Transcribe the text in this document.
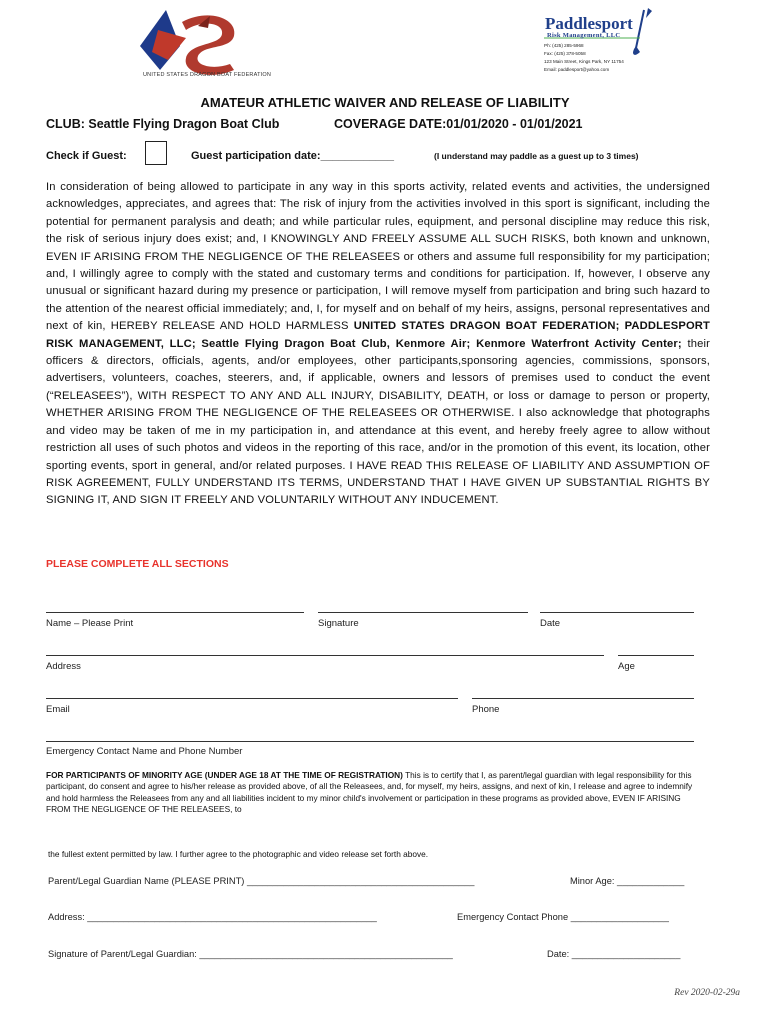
UNITED STATES DRAGON BOAT FEDERATION
Paddlesport
Risk Management, LLC
Ph: (425) 285-5968
Fax: (425) 378-5058
123 Main Street, Kings Park, NY 11754
Email: paddlesport@yahoo.com
AMATEUR ATHLETIC WAIVER AND RELEASE OF LIABILITY
CLUB: Seattle Flying Dragon Boat Club	COVERAGE DATE:01/01/2020 - 01/01/2021
Check if Guest:	Guest participation date:____________	(I understand may paddle as a guest up to 3 times)
In consideration of being allowed to participate in any way in this sports activity, related events and activities, the undersigned acknowledges, appreciates, and agrees that: The risk of injury from the activities involved in this sport is significant, including the potential for permanent paralysis and death; and while particular rules, equipment, and personal discipline may reduce this risk, the risk of serious injury does exist; and, I KNOWINGLY AND FREELY ASSUME ALL SUCH RISKS, both known and unknown, EVEN IF ARISING FROM THE NEGLIGENCE OF THE RELEASEES or others and assume full responsibility for my participation; and, I willingly agree to comply with the stated and customary terms and conditions for participation. If, however, I observe any unusual or significant hazard during my presence or participation, I will remove myself from participation and bring such hazard to the attention of the nearest official immediately; and, I, for myself and on behalf of my heirs, assigns, personal representatives and next of kin, HEREBY RELEASE AND HOLD HARMLESS UNITED STATES DRAGON BOAT FEDERATION; PADDLESPORT RISK MANAGEMENT, LLC; Seattle Flying Dragon Boat Club, Kenmore Air; Kenmore Waterfront Activity Center; their officers & directors, officials, agents, and/or employees, other participants,sponsoring agencies, commissions, sponsors, advertisers, volunteers, coaches, steerers, and, if applicable, owners and lessors of premises used to conduct the event (“RELEASEES”), WITH RESPECT TO ANY AND ALL INJURY, DISABILITY, DEATH, or loss or damage to person or property, WHETHER ARISING FROM THE NEGLIGENCE OF THE RELEASEES OR OTHERWISE. I also acknowledge that photographs and video may be taken of me in my participation in, and attendance at this event, and hereby freely agree to allow without restriction all uses of such photos and videos in the reporting of this race, and/or in the promotion of this event, its location, other sporting events, sport in general, and/or related purposes. I HAVE READ THIS RELEASE OF LIABILITY AND ASSUMPTION OF RISK AGREEMENT, FULLY UNDERSTAND ITS TERMS, UNDERSTAND THAT I HAVE GIVEN UP SUBSTANTIAL RIGHTS BY SIGNING IT, AND SIGN IT FREELY AND VOLUNTARILY WITHOUT ANY INDUCEMENT.
PLEASE COMPLETE ALL SECTIONS
Name – Please Print	Signature	Date
Address	Age
Email	Phone
Emergency Contact Name and Phone Number
FOR PARTICIPANTS OF MINORITY AGE (UNDER AGE 18 AT THE TIME OF REGISTRATION) This is to certify that I, as parent/legal guardian with legal responsibility for this participant, do consent and agree to his/her release as provided above, of all the Releasees, and, for myself, my heirs, assigns, and next of kin, I release and agree to indemnify and hold harmless the Releasees from any and all liabilities incident to my minor child's involvement or participation in these programs as provided above, EVEN IF ARISING FROM THE NEGLIGENCE OF THE RELEASEES, to
the fullest extent permitted by law. I further agree to the photographic and video release set forth above.
Parent/Legal Guardian Name (PLEASE PRINT) ____________________________________________	Minor Age: _____________
Address: ________________________________________________________	Emergency Contact Phone ___________________
Signature of Parent/Legal Guardian: _________________________________________________	Date: _____________________
Rev 2020-02-29a
